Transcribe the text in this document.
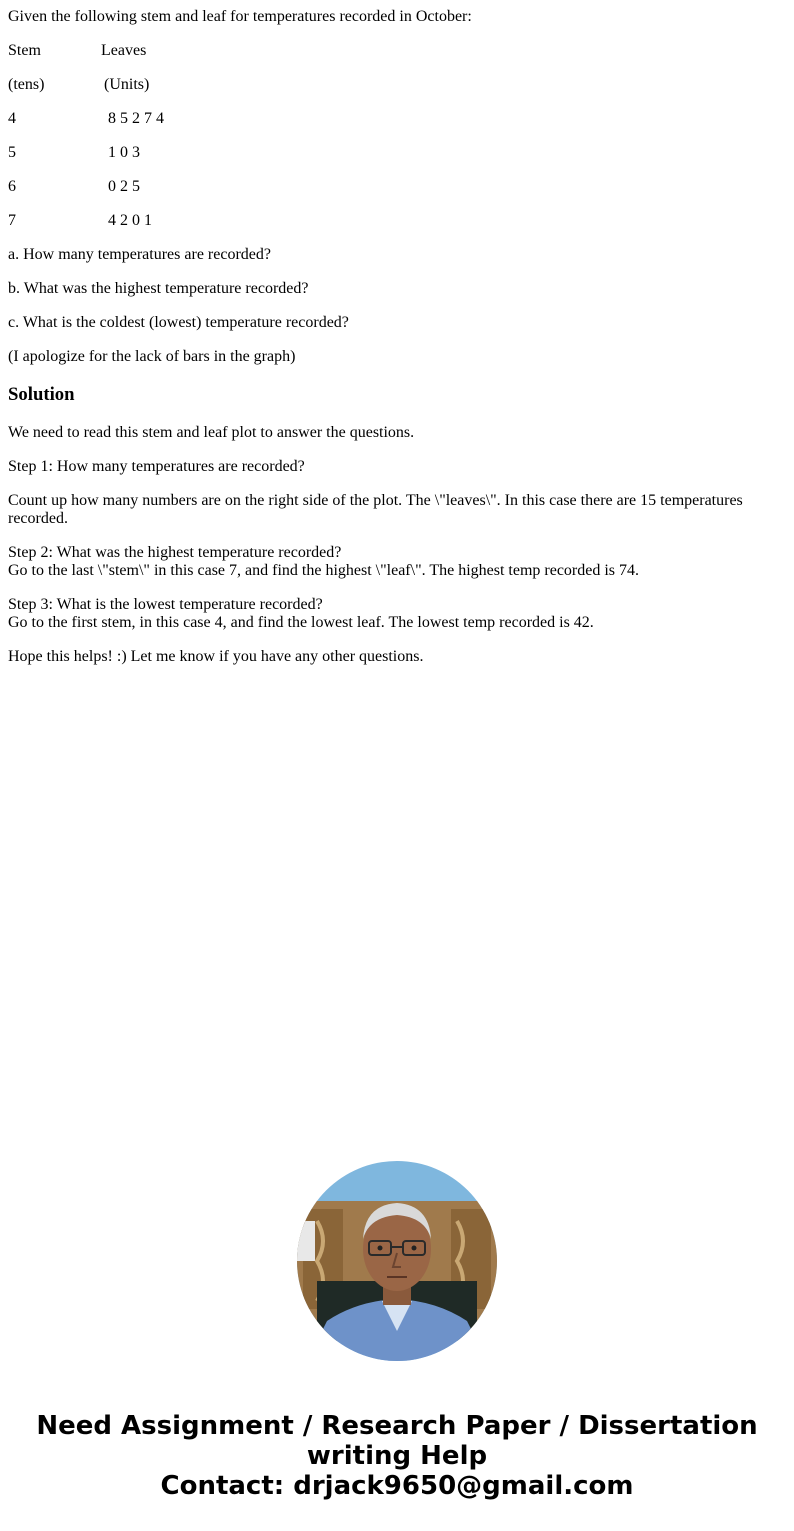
Given the following stem and leaf for temperatures recorded in October:

Stem	Leaves
(tens)	(Units)
4	8 5 2 7 4
5	1 0 3
6	0 2 5
7	4 2 0 1

a. How many temperatures are recorded?

b. What was the highest temperature recorded?

c. What is the coldest (lowest) temperature recorded?

(I apologize for the lack of bars in the graph)

Solution

We need to read this stem and leaf plot to answer the questions.

Step 1: How many temperatures are recorded?

Count up how many numbers are on the right side of the plot. The \"leaves\". In this case there are 15 temperatures recorded.

Step 2: What was the highest temperature recorded?
Go to the last \"stem\" in this case 7, and find the highest \"leaf\". The highest temp recorded is 74.

Step 3: What is the lowest temperature recorded?
Go to the first stem, in this case 4, and find the lowest leaf. The lowest temp recorded is 42.

Hope this helps! :) Let me know if you have any other questions.

Need Assignment / Research Paper / Dissertation
writing Help
Contact: drjack9650@gmail.com
